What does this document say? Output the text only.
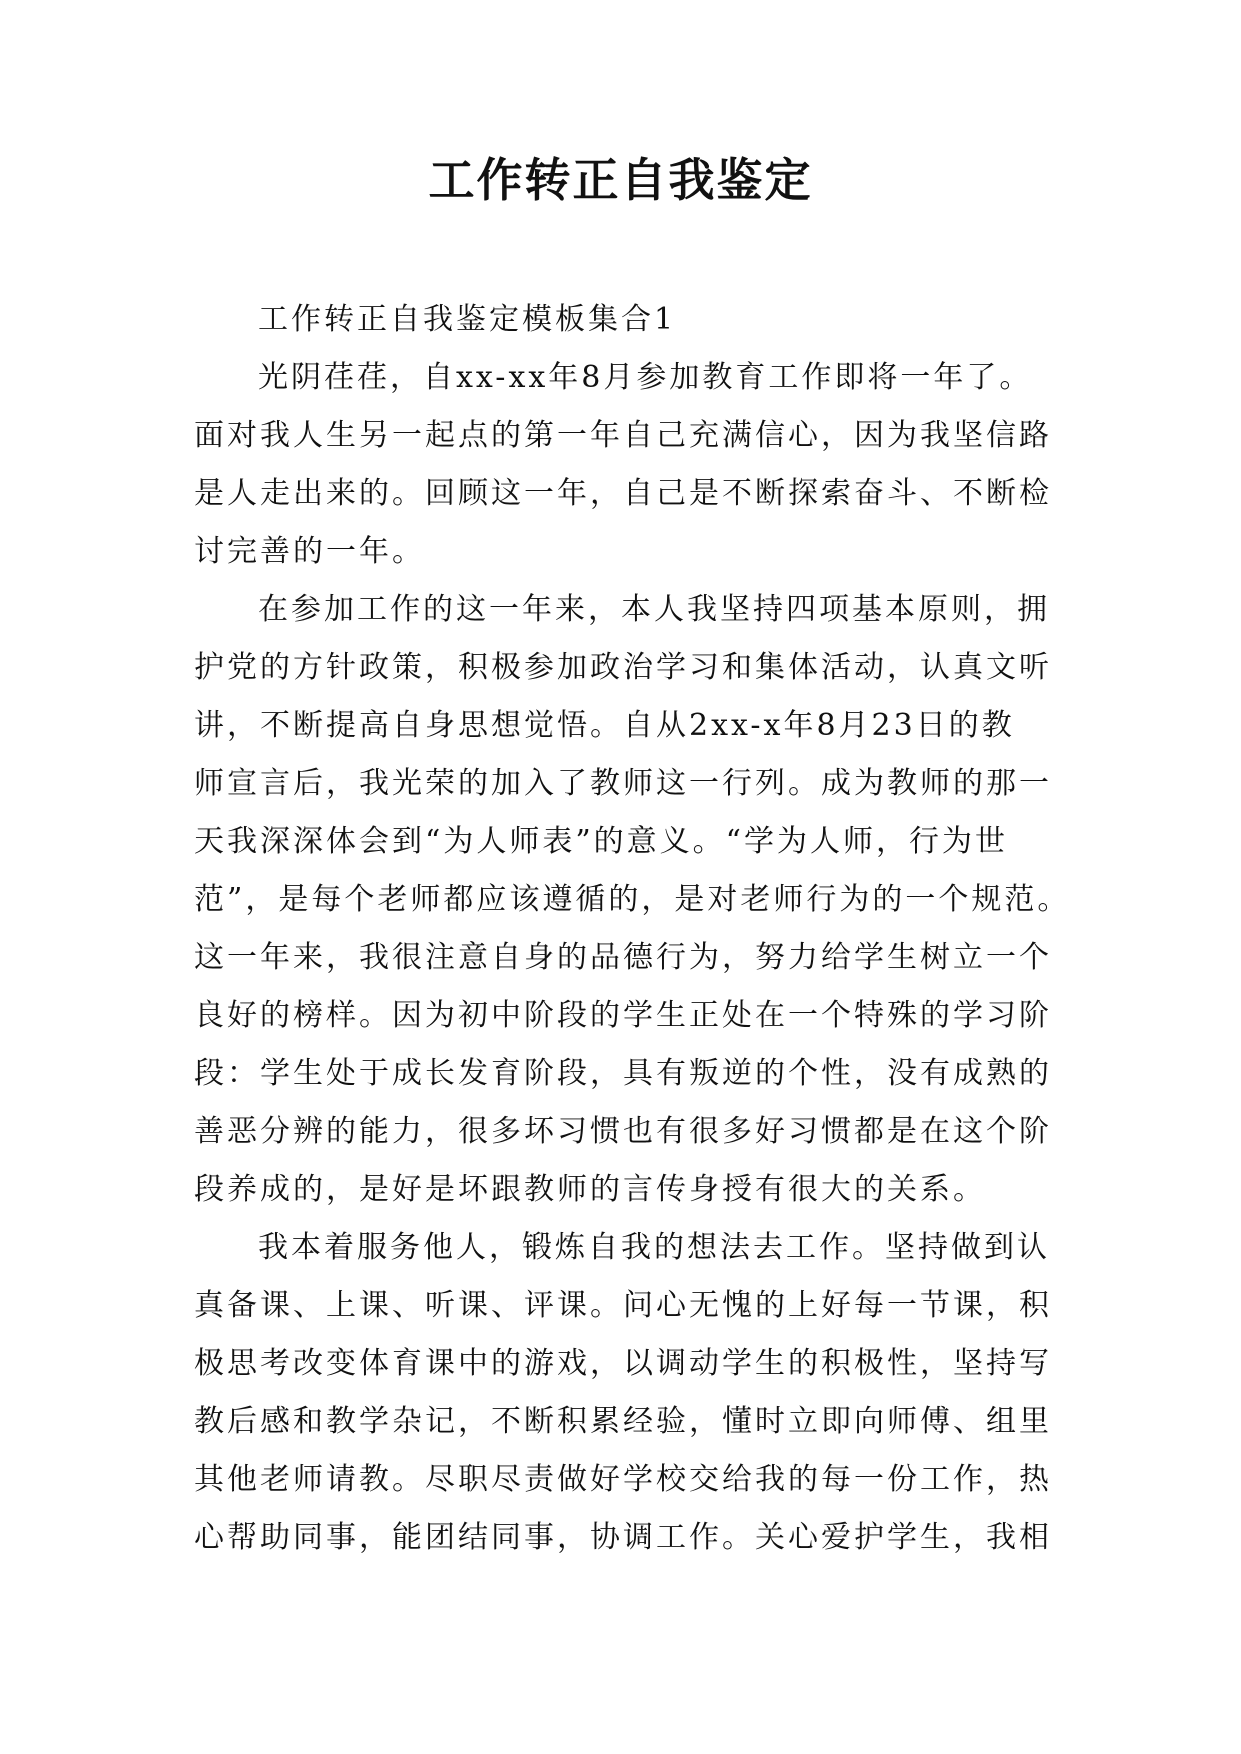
工作转正自我鉴定

工作转正自我鉴定模板集合1

光阴荏荏，自xx-xx年8月参加教育工作即将一年了。
面对我人生另一起点的第一年自己充满信心，因为我坚信路
是人走出来的。回顾这一年，自己是不断探索奋斗、不断检
讨完善的一年。

在参加工作的这一年来，本人我坚持四项基本原则，拥
护党的方针政策，积极参加政治学习和集体活动，认真文听
讲，不断提高自身思想觉悟。自从2xx-x年8月23日的教
师宣言后，我光荣的加入了教师这一行列。成为教师的那一
天我深深体会到“为人师表”的意义。“学为人师，行为世
范”，是每个老师都应该遵循的，是对老师行为的一个规范。
这一年来，我很注意自身的品德行为，努力给学生树立一个
良好的榜样。因为初中阶段的学生正处在一个特殊的学习阶
段：学生处于成长发育阶段，具有叛逆的个性，没有成熟的
善恶分辨的能力，很多坏习惯也有很多好习惯都是在这个阶
段养成的，是好是坏跟教师的言传身授有很大的关系。

我本着服务他人，锻炼自我的想法去工作。坚持做到认
真备课、上课、听课、评课。问心无愧的上好每一节课，积
极思考改变体育课中的游戏，以调动学生的积极性，坚持写
教后感和教学杂记，不断积累经验，懂时立即向师傅、组里
其他老师请教。尽职尽责做好学校交给我的每一份工作，热
心帮助同事，能团结同事，协调工作。关心爱护学生，我相
